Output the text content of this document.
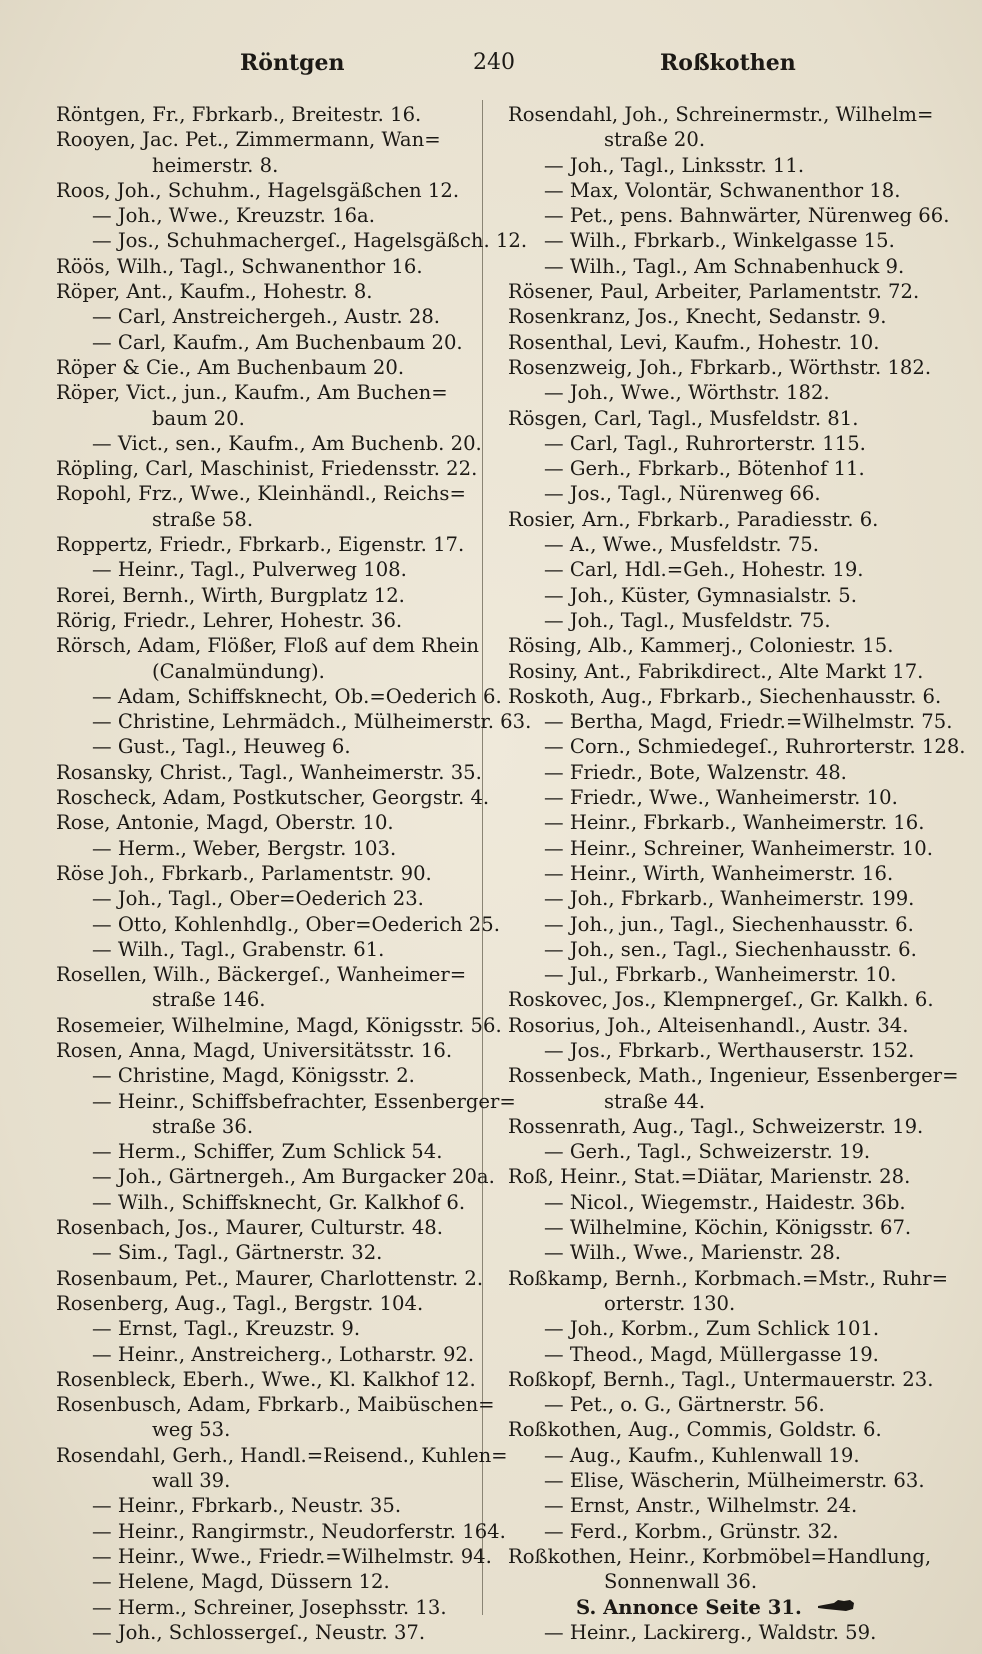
Röntgen	240	Roßkothen
Röntgen, Fr., Fbrkarb., Breitestr. 16.
Rooyen, Jac. Pet., Zimmermann, Wan=
heimerstr. 8.
Roos, Joh., Schuhm., Hagelsgäßchen 12.
— Joh., Wwe., Kreuzstr. 16a.
— Jos., Schuhmachergeſ., Hagelsgäßch. 12.
Röös, Wilh., Tagl., Schwanenthor 16.
Röper, Ant., Kaufm., Hohestr. 8.
— Carl, Anstreichergeh., Austr. 28.
— Carl, Kaufm., Am Buchenbaum 20.
Röper & Cie., Am Buchenbaum 20.
Röper, Vict., jun., Kaufm., Am Buchen=
baum 20.
— Vict., sen., Kaufm., Am Buchenb. 20.
Röpling, Carl, Maschinist, Friedensstr. 22.
Ropohl, Frz., Wwe., Kleinhändl., Reichs=
straße 58.
Roppertz, Friedr., Fbrkarb., Eigenstr. 17.
— Heinr., Tagl., Pulverweg 108.
Rorei, Bernh., Wirth, Burgplatz 12.
Rörig, Friedr., Lehrer, Hohestr. 36.
Rörsch, Adam, Flößer, Floß auf dem Rhein
(Canalmündung).
— Adam, Schiffsknecht, Ob.=Oederich 6.
— Christine, Lehrmädch., Mülheimerstr. 63.
— Gust., Tagl., Heuweg 6.
Rosansky, Christ., Tagl., Wanheimerstr. 35.
Roscheck, Adam, Postkutscher, Georgstr. 4.
Rose, Antonie, Magd, Oberstr. 10.
— Herm., Weber, Bergstr. 103.
Röse Joh., Fbrkarb., Parlamentstr. 90.
— Joh., Tagl., Ober=Oederich 23.
— Otto, Kohlenhdlg., Ober=Oederich 25.
— Wilh., Tagl., Grabenstr. 61.
Rosellen, Wilh., Bäckergeſ., Wanheimer=
straße 146.
Rosemeier, Wilhelmine, Magd, Königsstr. 56.
Rosen, Anna, Magd, Universitätsstr. 16.
— Christine, Magd, Königsstr. 2.
— Heinr., Schiffsbefrachter, Essenberger=
straße 36.
— Herm., Schiffer, Zum Schlick 54.
— Joh., Gärtnergeh., Am Burgacker 20a.
— Wilh., Schiffsknecht, Gr. Kalkhof 6.
Rosenbach, Jos., Maurer, Culturstr. 48.
— Sim., Tagl., Gärtnerstr. 32.
Rosenbaum, Pet., Maurer, Charlottenstr. 2.
Rosenberg, Aug., Tagl., Bergstr. 104.
— Ernst, Tagl., Kreuzstr. 9.
— Heinr., Anstreicherg., Lotharstr. 92.
Rosenbleck, Eberh., Wwe., Kl. Kalkhof 12.
Rosenbusch, Adam, Fbrkarb., Maibüschen=
weg 53.
Rosendahl, Gerh., Handl.=Reisend., Kuhlen=
wall 39.
— Heinr., Fbrkarb., Neustr. 35.
— Heinr., Rangirmstr., Neudorferstr. 164.
— Heinr., Wwe., Friedr.=Wilhelmstr. 94.
— Helene, Magd, Düssern 12.
— Herm., Schreiner, Josephsstr. 13.
— Joh., Schlossergeſ., Neustr. 37.
Rosendahl, Joh., Schreinermstr., Wilhelm=
straße 20.
— Joh., Tagl., Linksstr. 11.
— Max, Volontär, Schwanenthor 18.
— Pet., pens. Bahnwärter, Nürenweg 66.
— Wilh., Fbrkarb., Winkelgasse 15.
— Wilh., Tagl., Am Schnabenhuck 9.
Rösener, Paul, Arbeiter, Parlamentstr. 72.
Rosenkranz, Jos., Knecht, Sedanstr. 9.
Rosenthal, Levi, Kaufm., Hohestr. 10.
Rosenzweig, Joh., Fbrkarb., Wörthstr. 182.
— Joh., Wwe., Wörthstr. 182.
Rösgen, Carl, Tagl., Musfeldstr. 81.
— Carl, Tagl., Ruhrorterstr. 115.
— Gerh., Fbrkarb., Bötenhof 11.
— Jos., Tagl., Nürenweg 66.
Rosier, Arn., Fbrkarb., Paradiesstr. 6.
— A., Wwe., Musfeldstr. 75.
— Carl, Hdl.=Geh., Hohestr. 19.
— Joh., Küster, Gymnasialstr. 5.
— Joh., Tagl., Musfeldstr. 75.
Rösing, Alb., Kammerj., Coloniestr. 15.
Rosiny, Ant., Fabrikdirect., Alte Markt 17.
Roskoth, Aug., Fbrkarb., Siechenhausstr. 6.
— Bertha, Magd, Friedr.=Wilhelmstr. 75.
— Corn., Schmiedegeſ., Ruhrorterstr. 128.
— Friedr., Bote, Walzenstr. 48.
— Friedr., Wwe., Wanheimerstr. 10.
— Heinr., Fbrkarb., Wanheimerstr. 16.
— Heinr., Schreiner, Wanheimerstr. 10.
— Heinr., Wirth, Wanheimerstr. 16.
— Joh., Fbrkarb., Wanheimerstr. 199.
— Joh., jun., Tagl., Siechenhausstr. 6.
— Joh., sen., Tagl., Siechenhausstr. 6.
— Jul., Fbrkarb., Wanheimerstr. 10.
Roskovec, Jos., Klempnergeſ., Gr. Kalkh. 6.
Rosorius, Joh., Alteisenhandl., Austr. 34.
— Jos., Fbrkarb., Werthauserstr. 152.
Rossenbeck, Math., Ingenieur, Essenberger=
straße 44.
Rossenrath, Aug., Tagl., Schweizerstr. 19.
— Gerh., Tagl., Schweizerstr. 19.
Roß, Heinr., Stat.=Diätar, Marienstr. 28.
— Nicol., Wiegemstr., Haidestr. 36b.
— Wilhelmine, Köchin, Königsstr. 67.
— Wilh., Wwe., Marienstr. 28.
Roßkamp, Bernh., Korbmach.=Mstr., Ruhr=
orterstr. 130.
— Joh., Korbm., Zum Schlick 101.
— Theod., Magd, Müllergasse 19.
Roßkopf, Bernh., Tagl., Untermauerstr. 23.
— Pet., o. G., Gärtnerstr. 56.
Roßkothen, Aug., Commis, Goldstr. 6.
— Aug., Kaufm., Kuhlenwall 19.
— Elise, Wäscherin, Mülheimerstr. 63.
— Ernst, Anstr., Wilhelmstr. 24.
— Ferd., Korbm., Grünstr. 32.
Roßkothen, Heinr., Korbmöbel=Handlung,
Sonnenwall 36.
S. Annonce Seite 31.
— Heinr., Lackirerg., Waldstr. 59.
